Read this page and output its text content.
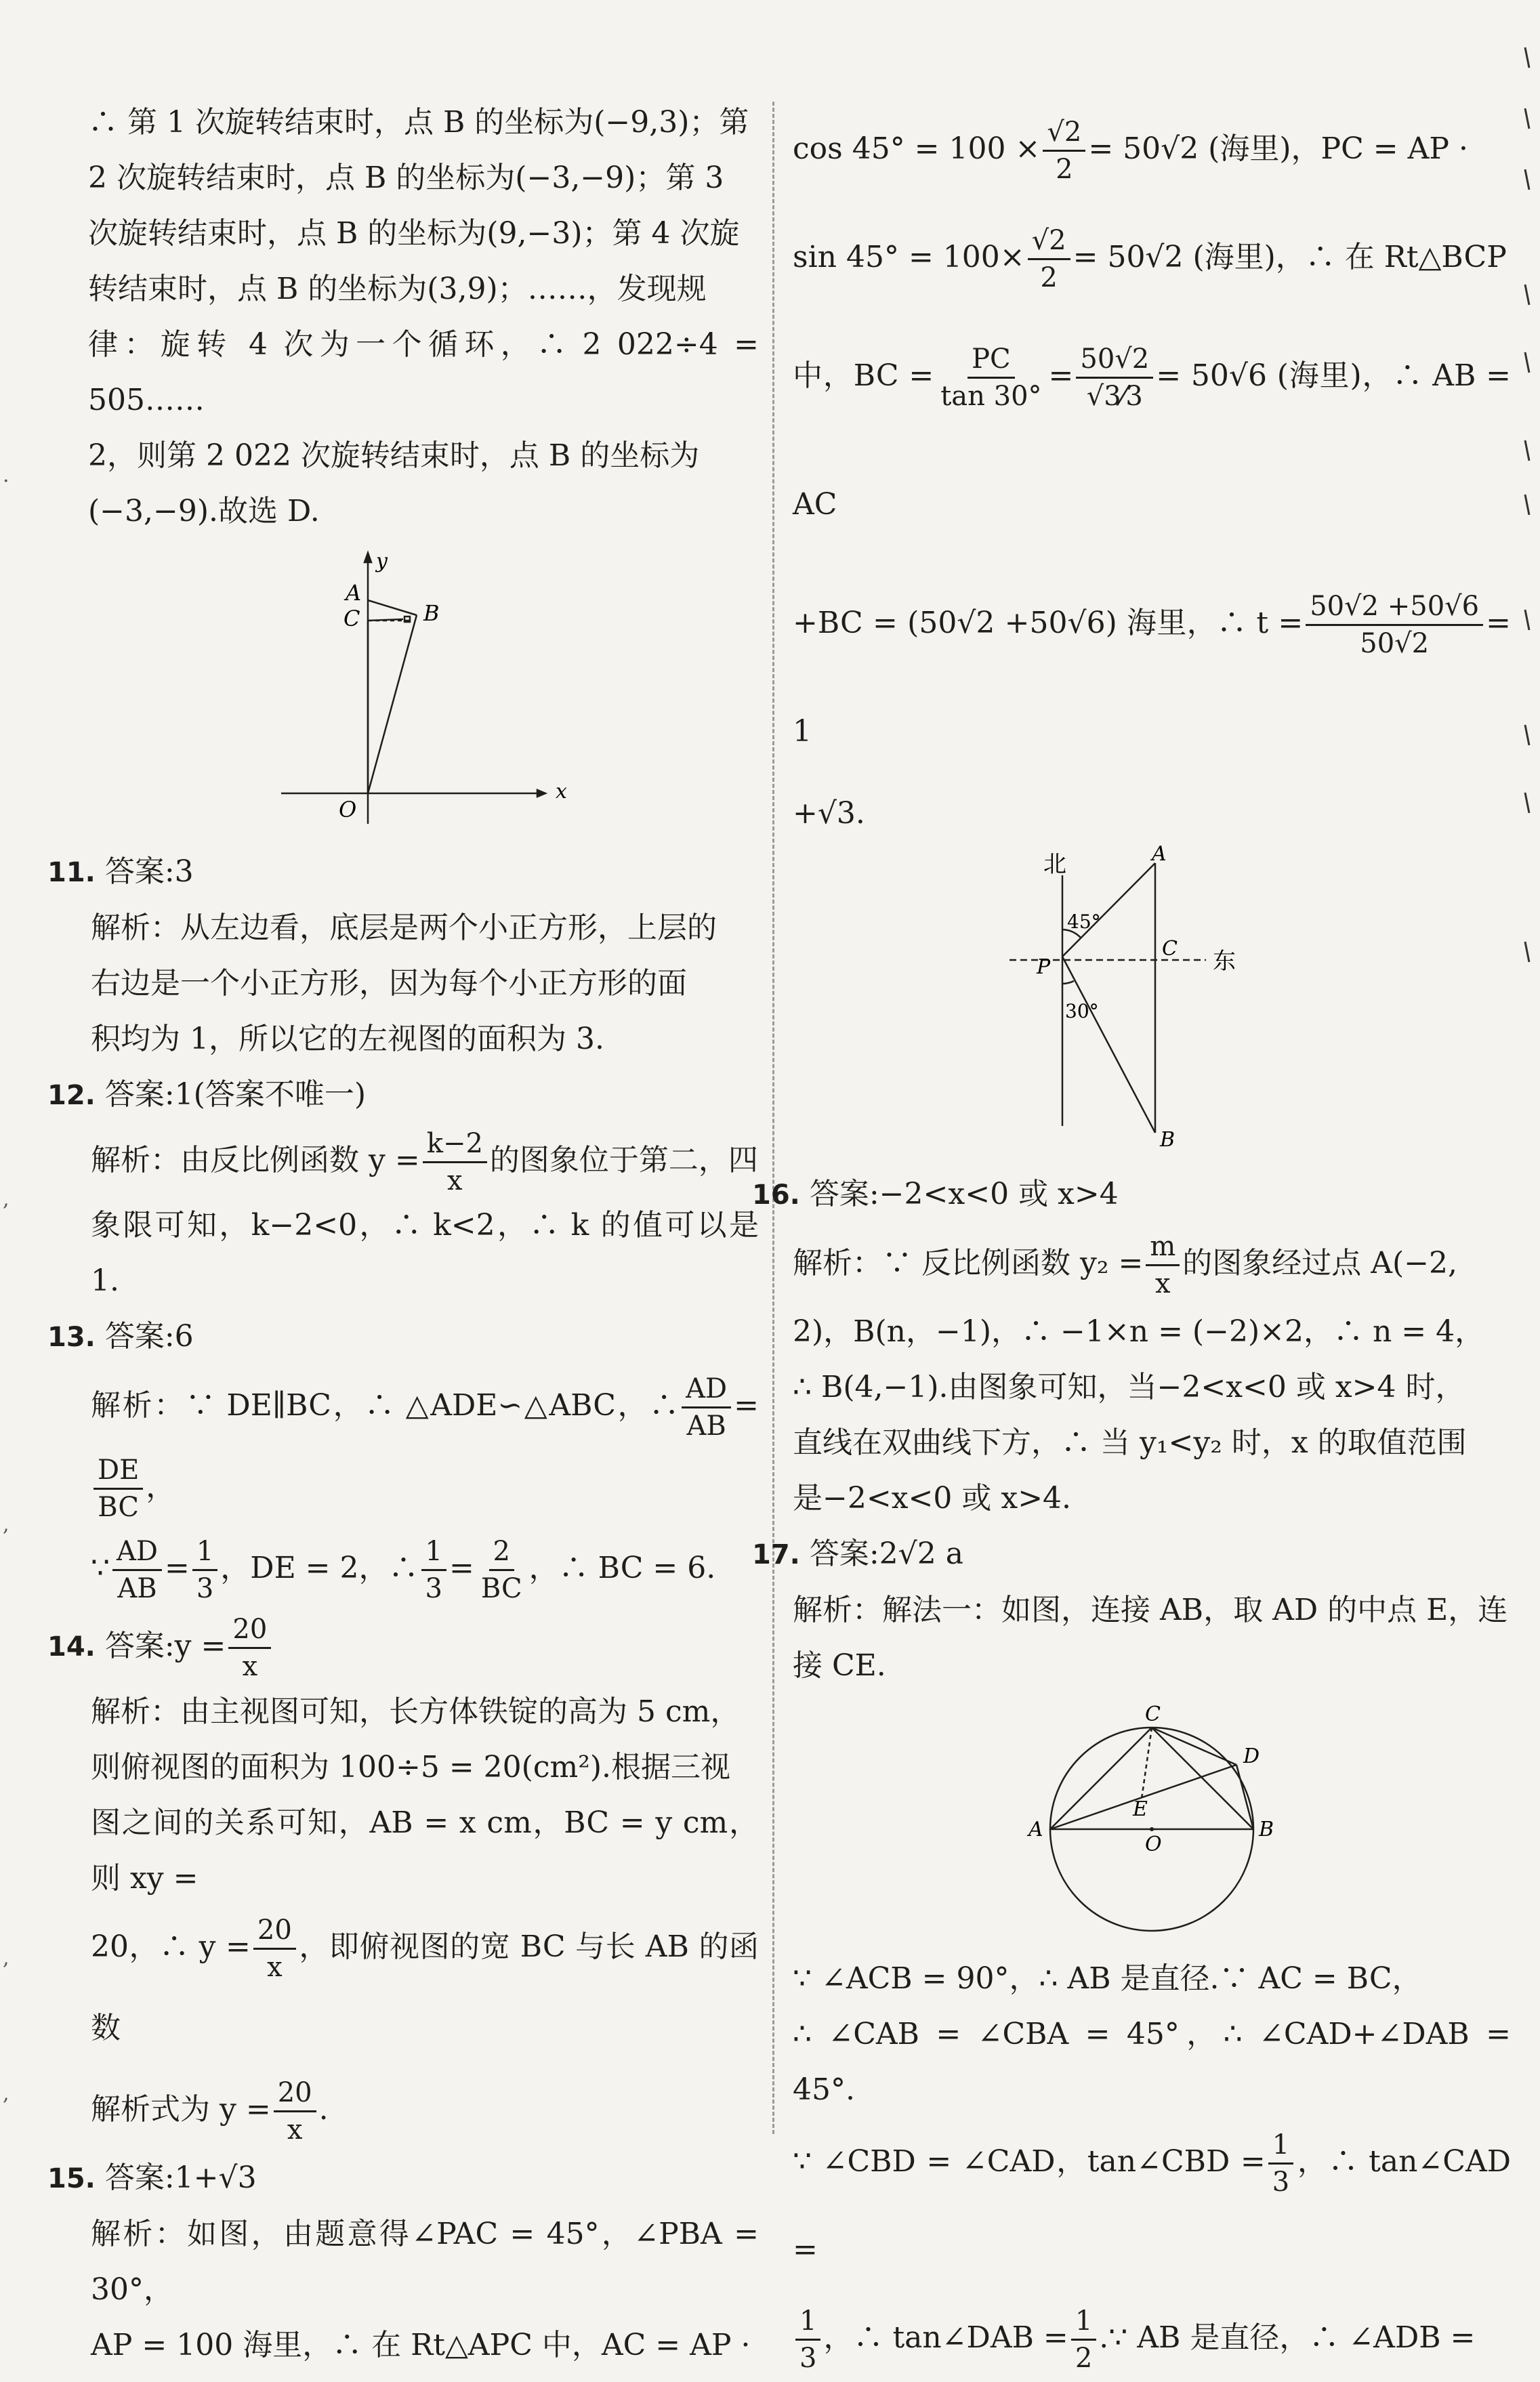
·
,
,
,
,

∴ 第 1 次旋转结束时，点 B 的坐标为(−9,3)；第

2 次旋转结束时，点 B 的坐标为(−3,−9)；第 3

次旋转结束时，点 B 的坐标为(9,−3)；第 4 次旋

转结束时，点 B 的坐标为(3,9)；……，发现规

律：旋转 4 次为一个循环，∴ 2 022÷4 = 505……

2，则第 2 022 次旋转结束时，点 B 的坐标为

(−3,−9).故选 D.

y
x
O
A
C	B

11. 答案:3

解析：从左边看，底层是两个小正方形，上层的

右边是一个小正方形，因为每个小正方形的面

积均为 1，所以它的左视图的面积为 3.

12. 答案:1(答案不唯一)

解析：由反比例函数 $y = \frac{k-2}{x}$ 的图象位于第二，四

象限可知，k−2<0，∴ k<2，∴ k 的值可以是 1.

13. 答案:6

解析：∵ DE∥BC，∴ △ADE∽△ABC，∴ $\frac{AD}{AB}$ =
$\frac{DE}{BC}$ ，

∵ $\frac{AD}{AB} = \frac{1}{3}$ ，DE = 2，∴ $\frac{1}{3} = \frac{2}{BC}$ ，∴ BC = 6.

14. 答案:y = $\frac{20}{x}$

解析：由主视图可知，长方体铁锭的高为 5 cm，

则俯视图的面积为 100÷5 = 20(cm²).根据三视

图之间的关系可知，AB = x cm，BC = y cm，则 xy =

20，∴ $y = \frac{20}{x}$ ，即俯视图的宽 BC 与长 AB 的函数

解析式为 $y = \frac{20}{x}$ .

15. 答案:1+√3

解析：如图，由题意得∠PAC = 45°，∠PBA = 30°，

AP = 100 海里，∴ 在 Rt△APC 中，AC = AP ·

$\cos 45^\circ = 100 \times \frac{√2}{2} = 50√2$ (海里)，PC = AP ·

$\sin 45^\circ = 100\times \frac{√2}{2} = 50√2$ (海里)，∴ 在 Rt△BCP

中，BC = $\frac{PC}{\tan 30^\circ} = \frac{50√2}{√3⁄3} = 50√6$ (海里)，∴ AB = AC

+BC = (50√2 +50√6) 海里，∴ $t = \frac{50√2 +50√6}{50√2} = 1$

+√3.

北
东
A
C
P
B
45°
30°

16. 答案:−2<x<0 或 x>4

解析：∵ 反比例函数 $y_2 = \frac{m}{x}$ 的图象经过点 A(−2,

2)，B(n，−1)，∴ −1×n = (−2)×2，∴ n = 4，

∴ B(4,−1).由图象可知，当−2<x<0 或 x>4 时，

直线在双曲线下方，∴ 当 y₁<y₂ 时，x 的取值范围

是−2<x<0 或 x>4.

17. 答案:2√2 a

解析：解法一：如图，连接 AB，取 AD 的中点 E，连

接 CE.

A	B
C
D
E
O

∵ ∠ACB = 90°，∴ AB 是直径.∵ AC = BC，

∴ ∠CAB = ∠CBA = 45°，∴ ∠CAD+∠DAB = 45°.

∵ ∠CBD = ∠CAD，tan∠CBD = $\frac{1}{3}$ ，∴ tan∠CAD =

$\frac{1}{3}$ ，∴ tan∠DAB = $\frac{1}{2}$ .∵ AB 是直径，∴ ∠ADB =
